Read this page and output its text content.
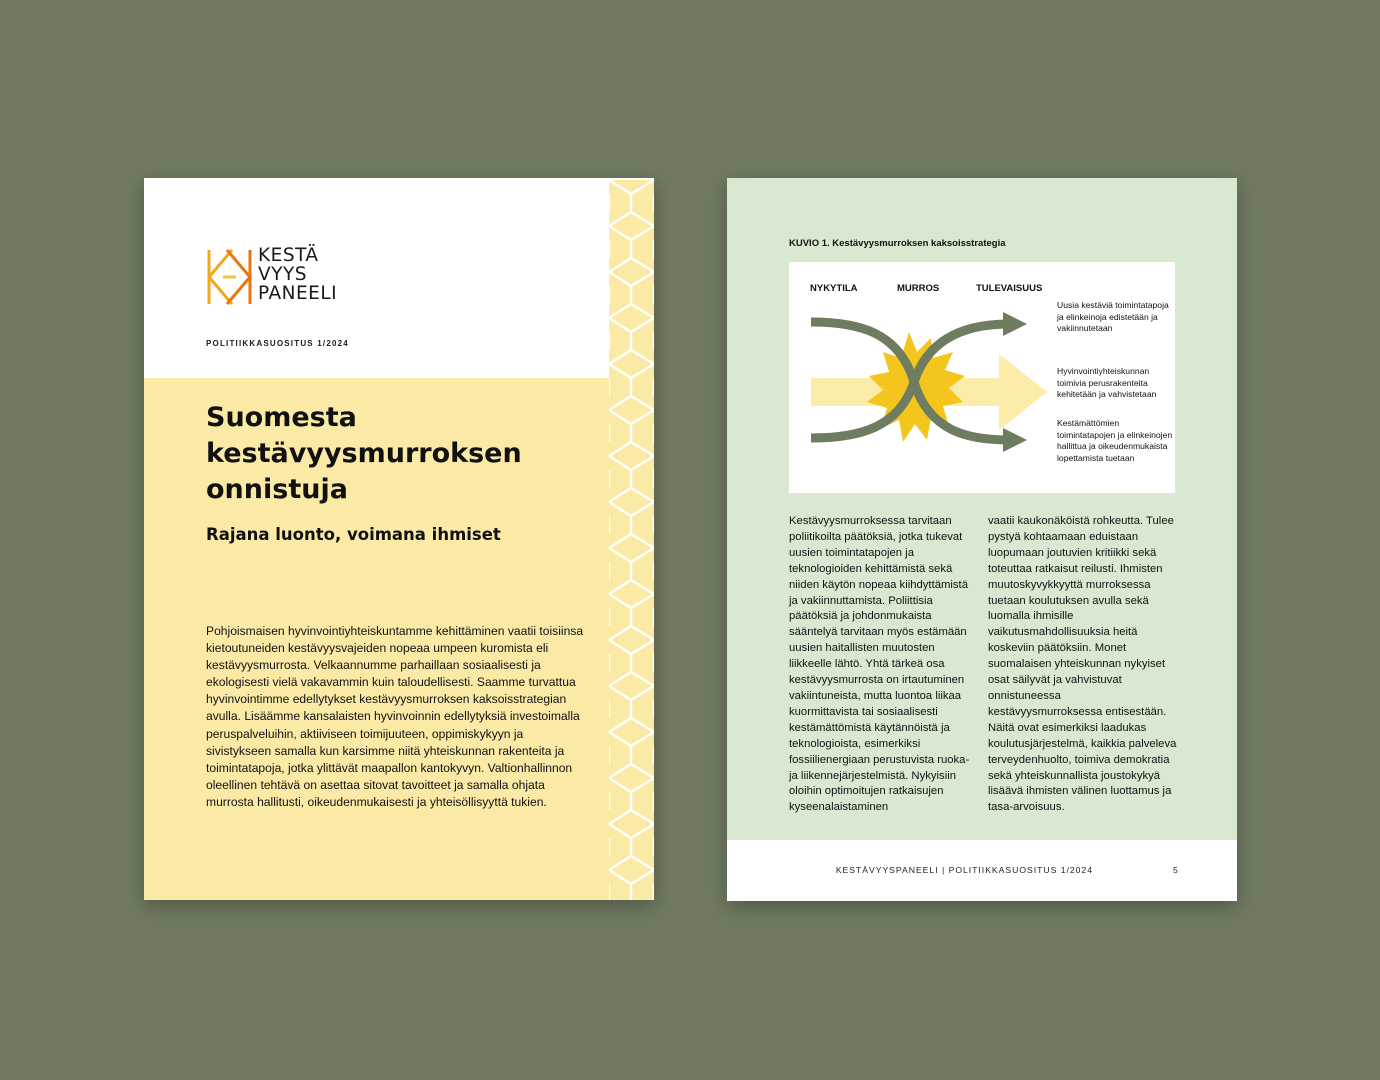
KESTÄ
VYYS
PANEELI
POLITIIKKASUOSITUS 1/2024
Suomesta kestävyysmurroksen onnistuja
Rajana luonto, voimana ihmiset
Pohjoismaisen hyvinvointiyhteiskuntamme kehittäminen vaatii toisiinsa kietoutuneiden kestävyysvajeiden nopeaa umpeen kuromista eli kestävyysmurrosta. Velkaannumme parhaillaan sosiaalisesti ja ekologisesti vielä vakavammin kuin taloudellisesti. Saamme turvattua hyvinvointimme edellytykset kestävyysmurroksen kaksoisstrategian avulla. Lisäämme kansalaisten hyvinvoinnin edellytyksiä investoimalla peruspalveluihin, aktiiviseen toimijuuteen, oppimiskykyyn ja sivistykseen samalla kun karsimme niitä yhteiskunnan rakenteita ja toimintatapoja, jotka ylittävät maapallon kantokyvyn. Valtionhallinnon oleellinen tehtävä on asettaa sitovat tavoitteet ja samalla ohjata murrosta hallitusti, oikeudenmukaisesti ja yhteisöllisyyttä tukien.
KUVIO 1. Kestävyysmurroksen kaksoisstrategia
NYKYTILA	MURROS	TULEVAISUUS
Uusia kestäviä toimintatapoja ja elinkeinoja edistetään ja vakiinnutetaan
Hyvinvointiyhteiskunnan toimivia perusrakenteita kehitetään ja vahvistetaan
Kestämättömien toimintatapojen ja elinkeinojen hallittua ja oikeudenmukaista lopettamista tuetaan
Kestävyysmurroksessa tarvitaan poliitikoilta päätöksiä, jotka tukevat uusien toimintatapojen ja teknologioiden kehittämistä sekä niiden käytön nopeaa kiihdyttämistä ja vakiinnuttamista. Poliittisia päätöksiä ja johdonmukaista sääntelyä tarvitaan myös estämään uusien haitallisten muutosten liikkeelle lähtö. Yhtä tärkeä osa kestävyysmurrosta on irtautuminen vakiintuneista, mutta luontoa liikaa kuormittavista tai sosiaalisesti kestämättömistä käytännöistä ja teknologioista, esimerkiksi fossiilienergiaan perustuvista ruoka- ja liikennejärjestelmistä. Nykyisiin oloihin optimoitujen ratkaisujen kyseenalaistaminen
vaatii kaukonäköistä rohkeutta. Tulee pystyä kohtaamaan eduistaan luopumaan joutuvien kritiikki sekä toteuttaa ratkaisut reilusti. Ihmisten muutoskyvykkyyttä murroksessa tuetaan koulutuksen avulla sekä luomalla ihmisille vaikutusmahdollisuuksia heitä koskeviin päätöksiin. Monet suomalaisen yhteiskunnan nykyiset osat säilyvät ja vahvistuvat onnistuneessa kestävyysmurroksessa entisestään. Näitä ovat esimerkiksi laadukas koulutusjärjestelmä, kaikkia palveleva terveydenhuolto, toimiva demokratia sekä yhteiskunnallista joustokykyä lisäävä ihmisten välinen luottamus ja tasa-arvoisuus.
KESTÄVYYSPANEELI | POLITIIKKASUOSITUS 1/2024	5
